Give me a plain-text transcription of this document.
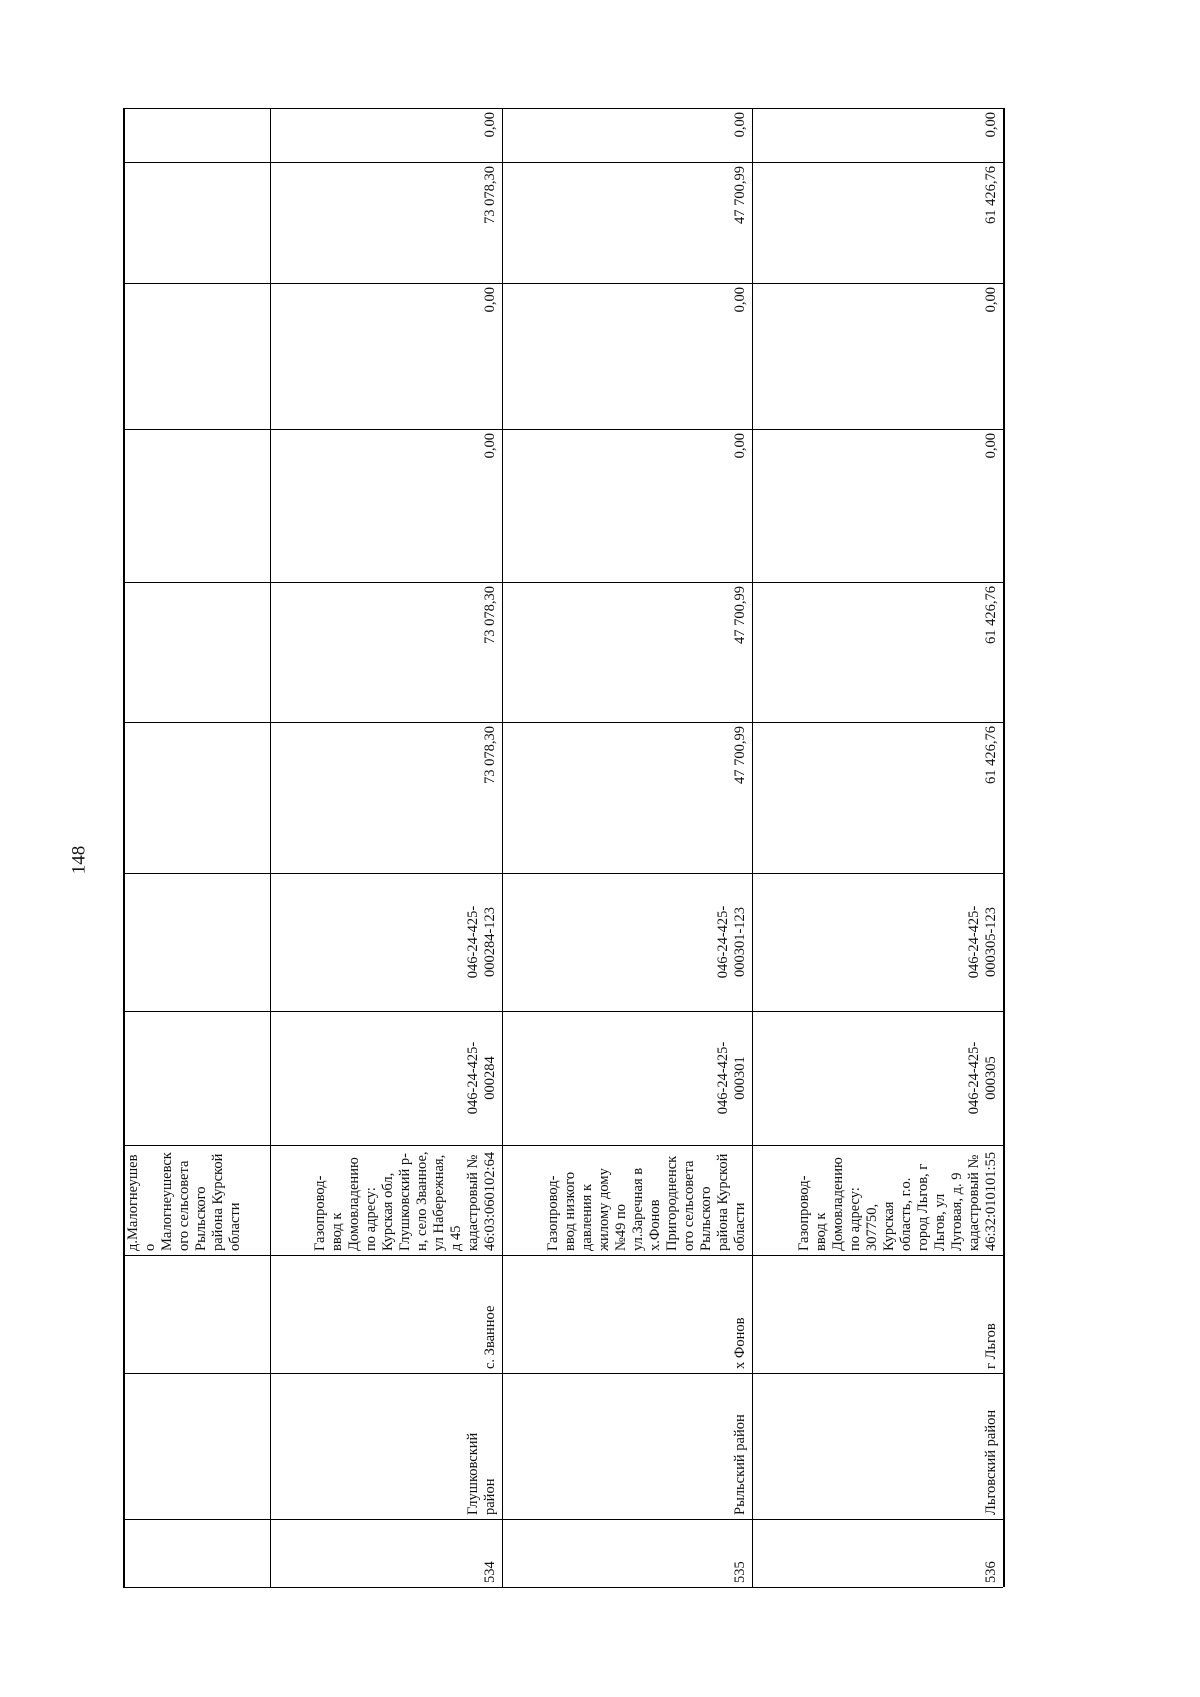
148
д.Малогнеушев
о
Малогнеушевск
ого сельсовета
Рыльского
района Курской
области
534
Глушковский
район
с. Званное
Газопровод-
ввод к
Домовладению
по адресу:
Курская обл,
Глушковский р-
н, село Званное,
ул Набережная,
д 45
кадастровый №
46:03:060102:64
046-24-425-
000284
046-24-425-
000284-123
73 078,30
73 078,30
0,00
0,00
73 078,30
0,00
535
Рыльский район
х Фонов
Газопровод-
ввод низкого
давления к
жилому дому
№49 по
ул.Заречная в
х.Фонов
Пригородненск
ого сельсовета
Рыльского
района Курской
области
046-24-425-
000301
046-24-425-
000301-123
47 700,99
47 700,99
0,00
0,00
47 700,99
0,00
536
Льговский район
г Льгов
Газопровод-
ввод к
Домовладению
по адресу:
307750,
Курская
область, г.о.
город Льгов, г
Льгов, ул
Луговая, д. 9
кадастровый №
46:32:010101:55
046-24-425-
000305
046-24-425-
000305-123
61 426,76
61 426,76
0,00
0,00
61 426,76
0,00
